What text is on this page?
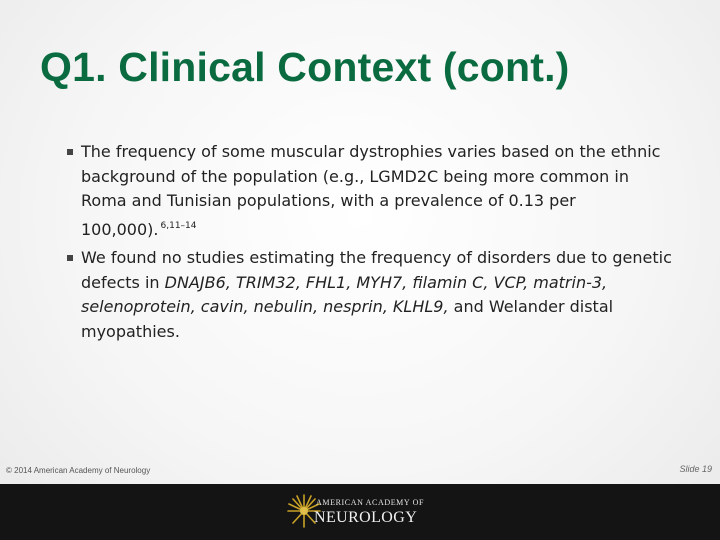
Q1. Clinical Context (cont.)
The frequency of some muscular dystrophies varies based on the ethnic background of the population (e.g., LGMD2C being more common in Roma and Tunisian populations, with a prevalence of 0.13 per 100,000). $^{6,11-14}$
We found no studies estimating the frequency of disorders due to genetic defects in DNAJB6, TRIM32, FHL1, MYH7, filamin C, VCP, matrin-3, selenoprotein, cavin, nebulin, nesprin, KLHL9, and Welander distal myopathies.
© 2014 American Academy of Neurology	Slide 19
AMERICAN ACADEMY OF
NEUROLOGY
